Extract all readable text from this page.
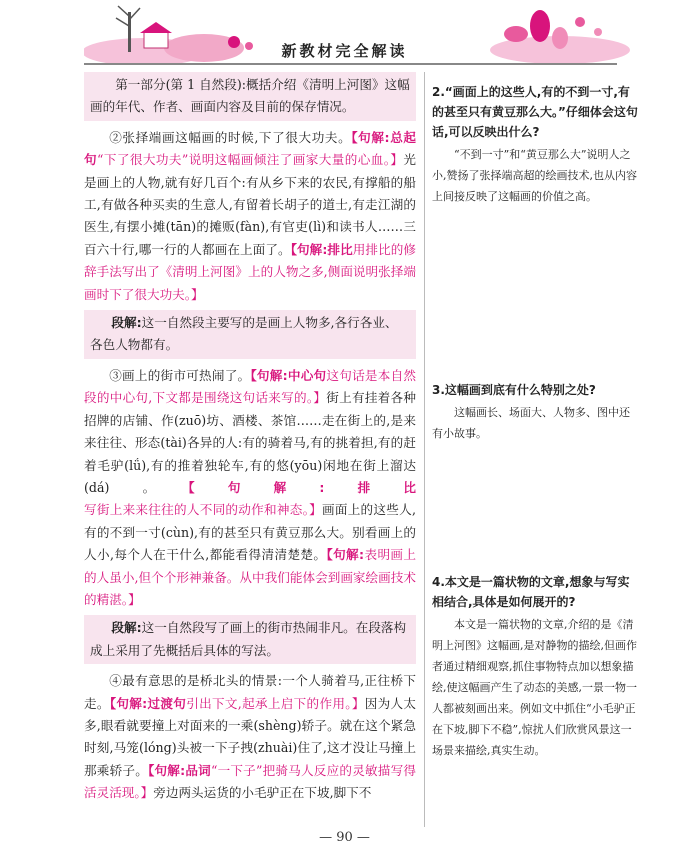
新教材完全解读
第一部分(第 1 自然段):概括介绍《清明上河图》这幅画的年代、作者、画面内容及目前的保存情况。

②张择端画这幅画的时候,下了很大功夫。【句解:总起句“下了很大功夫”说明这幅画倾注了画家大量的心血。】光是画上的人物,就有好几百个:有从乡下来的农民,有撑船的船工,有做各种买卖的生意人,有留着长胡子的道士,有走江湖的医生,有摆小摊(tān)的摊贩(fàn),有官吏(lì)和读书人……三百六十行,哪一行的人都画在上面了。【句解:排比用排比的修辞手法写出了《清明上河图》上的人物之多,侧面说明张择端画时下了很大功夫。】

段解:这一自然段主要写的是画上人物多,各行各业、各色人物都有。

③画上的街市可热闹了。【句解:中心句这句话是本自然段的中心句,下文都是围绕这句话来写的。】街上有挂着各种招牌的店铺、作(zuō)坊、酒楼、茶馆……走在街上的,是来来往往、形态(tài)各异的人:有的骑着马,有的挑着担,有的赶着毛驴(lǘ),有的推着独轮车,有的悠(yōu)闲地在街上溜达(dá)。【句解:排比写街上来来往往的人不同的动作和神态。】画面上的这些人,有的不到一寸(cùn),有的甚至只有黄豆那么大。别看画上的人小,每个人在干什么,都能看得清清楚楚。【句解:表明画上的人虽小,但个个形神兼备。从中我们能体会到画家绘画技术的精湛。】

段解:这一自然段写了画上的街市热闹非凡。在段落构成上采用了先概括后具体的写法。

④最有意思的是桥北头的情景:一个人骑着马,正往桥下走。【句解:过渡句引出下文,起承上启下的作用。】因为人太多,眼看就要撞上对面来的一乘(shèng)轿子。就在这个紧急时刻,马笼(lóng)头被一下子拽(zhuài)住了,这才没让马撞上那乘轿子。【句解:品词“一下子”把骑马人反应的灵敏描写得活灵活现。】旁边两头运货的小毛驴正在下坡,脚下不

2.“画面上的这些人,有的不到一寸,有的甚至只有黄豆那么大。”仔细体会这句话,可以反映出什么?
“不到一寸”和“黄豆那么大”说明人之小,赞扬了张择端高超的绘画技术,也从内容上间接反映了这幅画的价值之高。
3.这幅画到底有什么特别之处?
这幅画长、场面大、人物多、图中还有小故事。
4.本文是一篇状物的文章,想象与写实相结合,具体是如何展开的?
本文是一篇状物的文章,介绍的是《清明上河图》这幅画,是对静物的描绘,但画作者通过精细观察,抓住事物特点加以想象描绘,使这幅画产生了动态的美感,一景一物一人都被刻画出来。例如文中抓住“小毛驴正在下坡,脚下不稳”,惊扰人们欣赏风景这一场景来描绘,真实生动。
— 90 —
